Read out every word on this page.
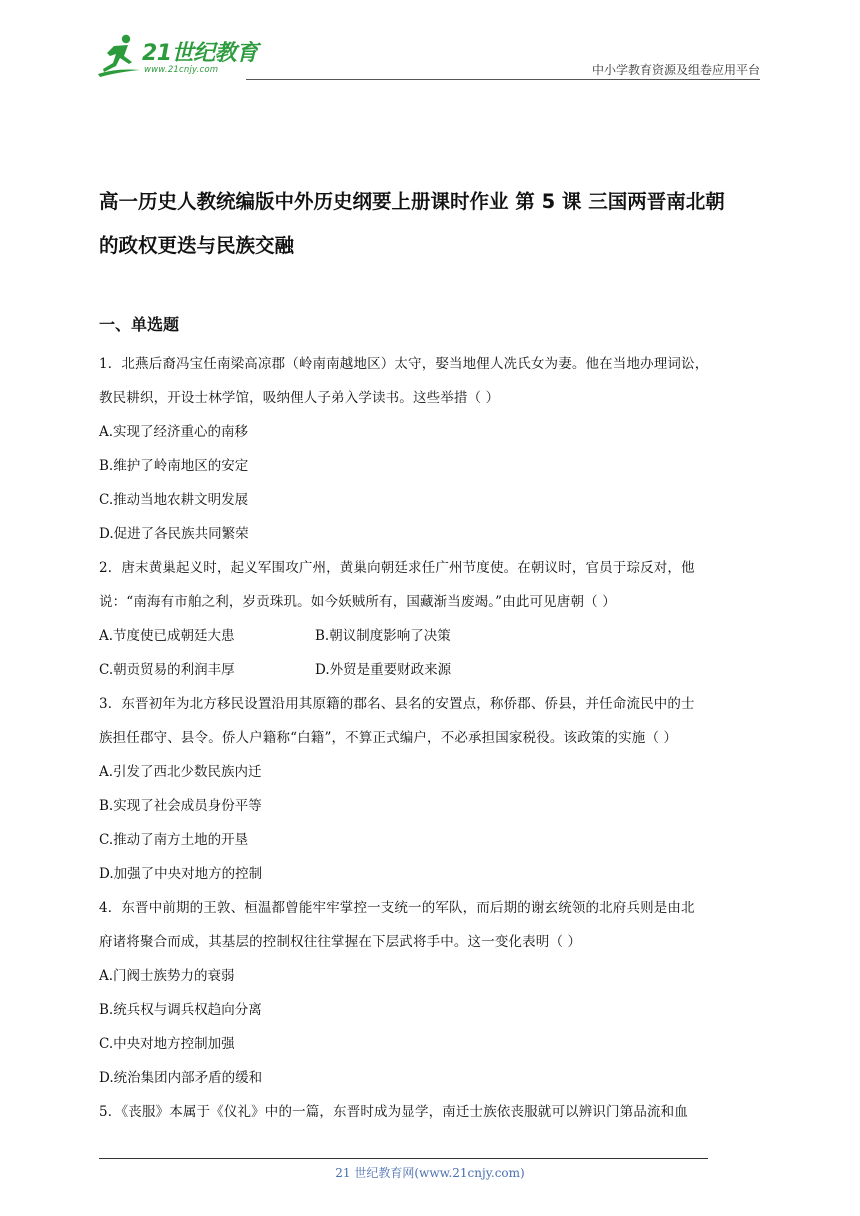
21世纪教育
www.21cnjy.com	中小学教育资源及组卷应用平台
高一历史人教统编版中外历史纲要上册课时作业 第 5 课 三国两晋南北朝
的政权更迭与民族交融
一、单选题
1．北燕后裔冯宝任南梁高凉郡（岭南南越地区）太守，娶当地俚人冼氏女为妻。他在当地办理词讼，
教民耕织，开设士林学馆，吸纳俚人子弟入学读书。这些举措（ ）
A.实现了经济重心的南移
B.维护了岭南地区的安定
C.推动当地农耕文明发展
D.促进了各民族共同繁荣
2．唐末黄巢起义时，起义军围攻广州，黄巢向朝廷求任广州节度使。在朝议时，官员于琮反对，他
说：“南海有市舶之利，岁贡珠玑。如今妖贼所有，国藏渐当废竭。”由此可见唐朝（ ）
A.节度使已成朝廷大患	B.朝议制度影响了决策
C.朝贡贸易的利润丰厚	D.外贸是重要财政来源
3．东晋初年为北方移民设置沿用其原籍的郡名、县名的安置点，称侨郡、侨县，并任命流民中的士
族担任郡守、县令。侨人户籍称“白籍”，不算正式编户，不必承担国家税役。该政策的实施（ ）
A.引发了西北少数民族内迁
B.实现了社会成员身份平等
C.推动了南方土地的开垦
D.加强了中央对地方的控制
4．东晋中前期的王敦、桓温都曾能牢牢掌控一支统一的军队，而后期的谢玄统领的北府兵则是由北
府诸将聚合而成，其基层的控制权往往掌握在下层武将手中。这一变化表明（ ）
A.门阀士族势力的衰弱
B.统兵权与调兵权趋向分离
C.中央对地方控制加强
D.统治集团内部矛盾的缓和
5．《丧服》本属于《仪礼》中的一篇，东晋时成为显学，南迁士族依丧服就可以辨识门第品流和血
21 世纪教育网(www.21cnjy.com)
